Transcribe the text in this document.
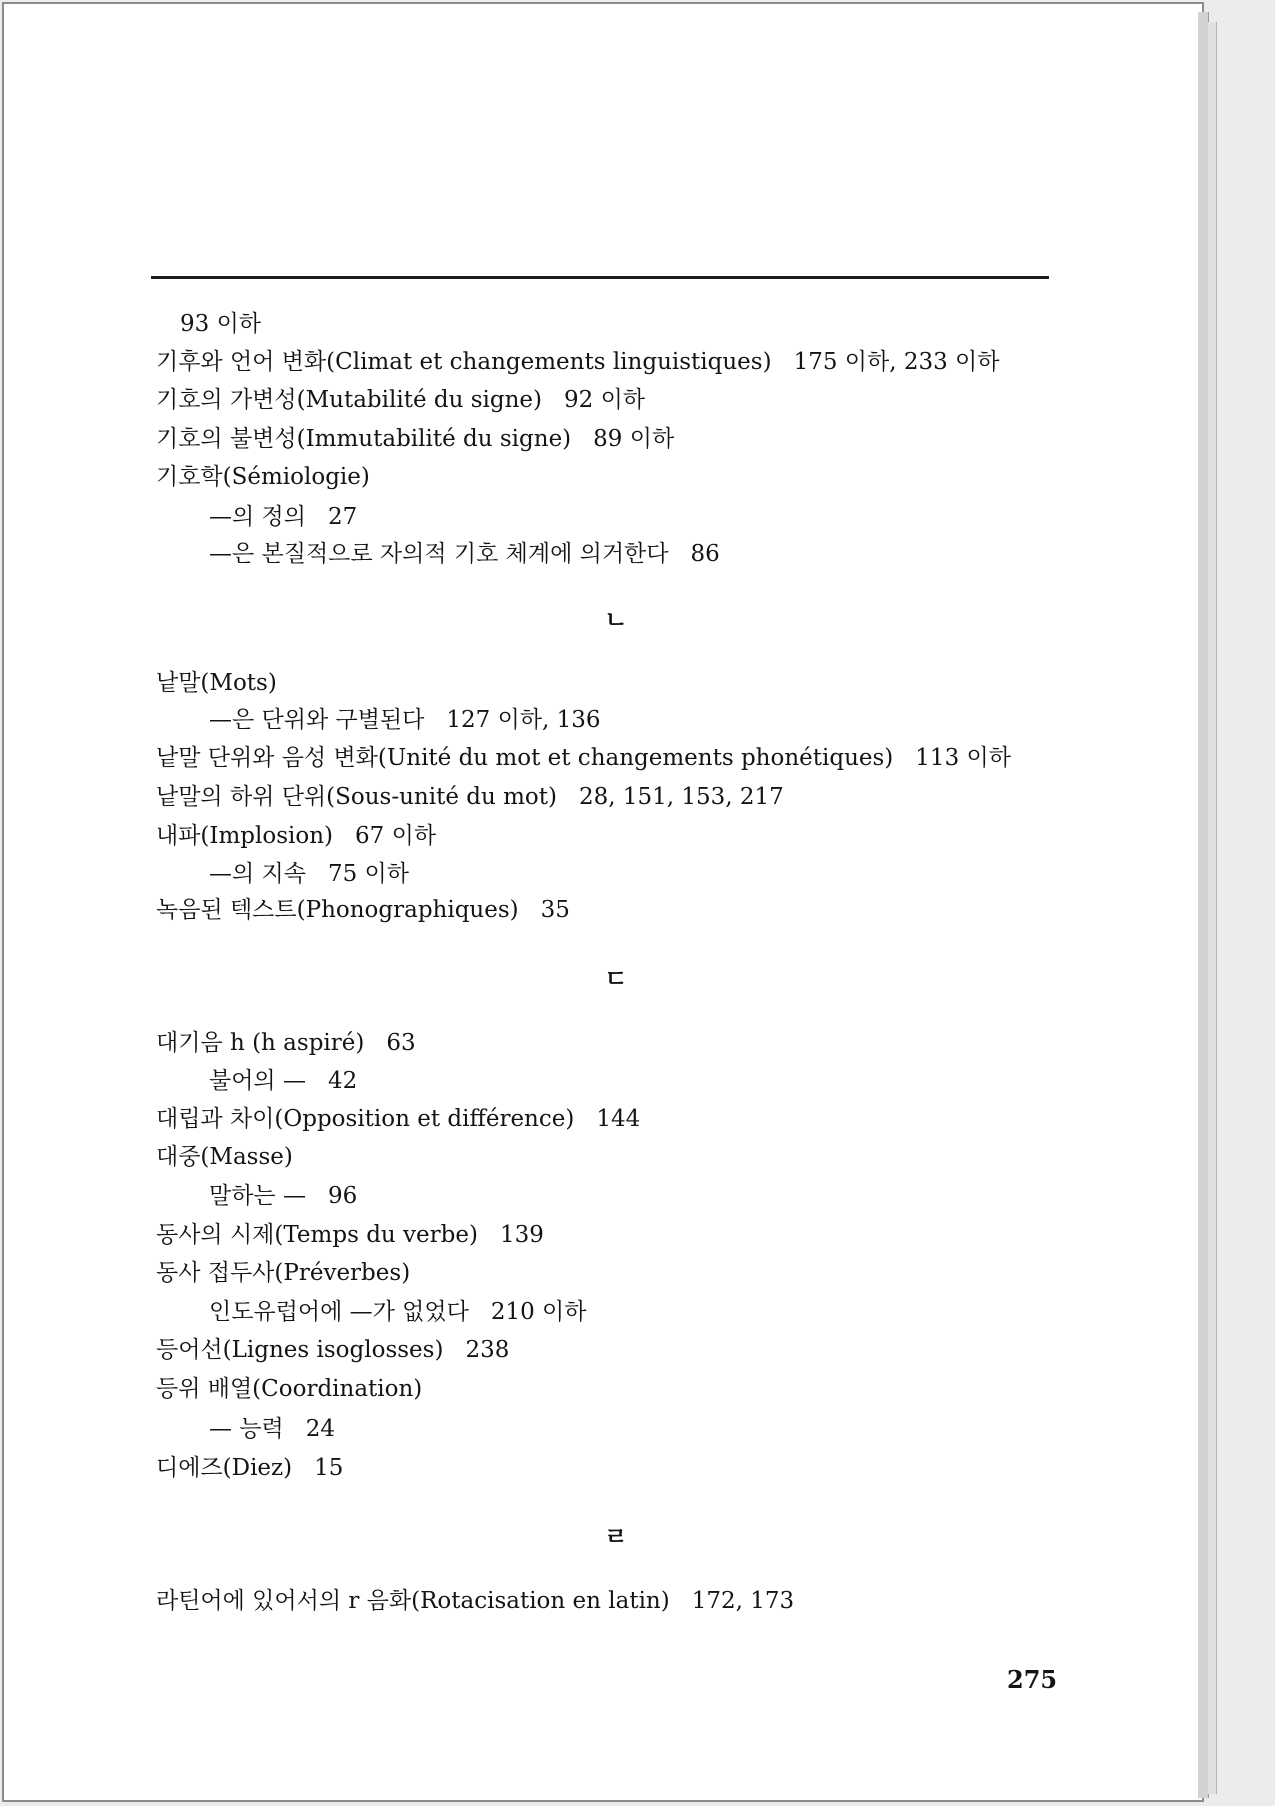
93 이하
기후와 언어 변화(Climat et changements linguistiques) 175 이하, 233 이하
기호의 가변성(Mutabilité du signe) 92 이하
기호의 불변성(Immutabilité du signe) 89 이하
기호학(Sémiologie)
—의 정의 27
—은 본질적으로 자의적 기호 체계에 의거한다 86
ㄴ
낱말(Mots)
—은 단위와 구별된다 127 이하, 136
낱말 단위와 음성 변화(Unité du mot et changements phonétiques) 113 이하
낱말의 하위 단위(Sous-unité du mot) 28, 151, 153, 217
내파(Implosion) 67 이하
—의 지속 75 이하
녹음된 텍스트(Phonographiques) 35
ㄷ
대기음 h (h aspiré) 63
불어의 — 42
대립과 차이(Opposition et différence) 144
대중(Masse)
말하는 — 96
동사의 시제(Temps du verbe) 139
동사 접두사(Préverbes)
인도유럽어에 —가 없었다 210 이하
등어선(Lignes isoglosses) 238
등위 배열(Coordination)
— 능력 24
디에즈(Diez) 15
ㄹ
라틴어에 있어서의 r 음화(Rotacisation en latin) 172, 173
275
